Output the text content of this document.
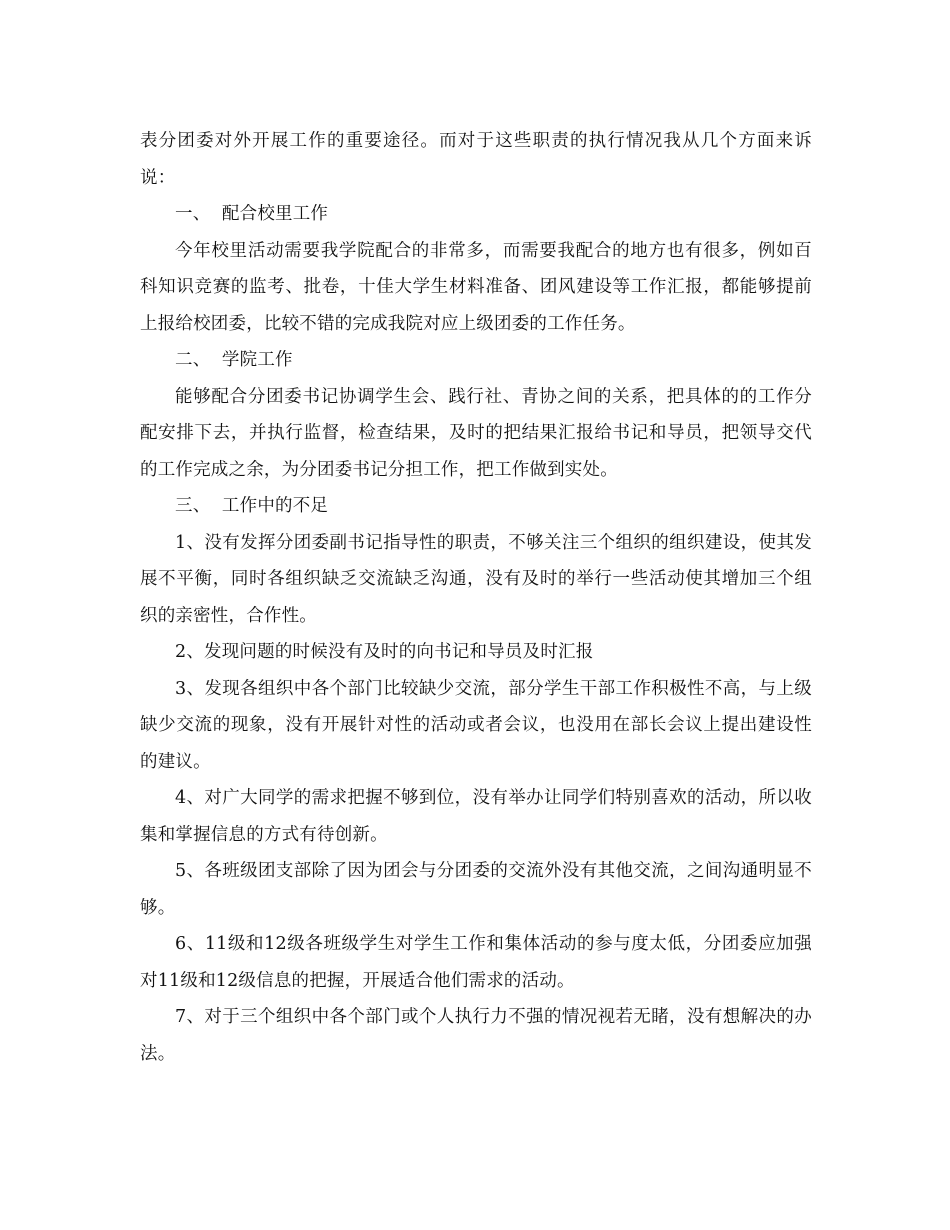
表分团委对外开展工作的重要途径。而对于这些职责的执行情况我从几个方面来诉说：

一、  配合校里工作

今年校里活动需要我学院配合的非常多，而需要我配合的地方也有很多，例如百科知识竞赛的监考、批卷，十佳大学生材料准备、团风建设等工作汇报，都能够提前上报给校团委，比较不错的完成我院对应上级团委的工作任务。

二、  学院工作

能够配合分团委书记协调学生会、践行社、青协之间的关系，把具体的的工作分配安排下去，并执行监督，检查结果，及时的把结果汇报给书记和导员，把领导交代的工作完成之余，为分团委书记分担工作，把工作做到实处。

三、  工作中的不足

1、没有发挥分团委副书记指导性的职责，不够关注三个组织的组织建设，使其发展不平衡，同时各组织缺乏交流缺乏沟通，没有及时的举行一些活动使其增加三个组织的亲密性，合作性。

2、发现问题的时候没有及时的向书记和导员及时汇报

3、发现各组织中各个部门比较缺少交流，部分学生干部工作积极性不高，与上级缺少交流的现象，没有开展针对性的活动或者会议，也没用在部长会议上提出建设性的建议。

4、对广大同学的需求把握不够到位，没有举办让同学们特别喜欢的活动，所以收集和掌握信息的方式有待创新。

5、各班级团支部除了因为团会与分团委的交流外没有其他交流，之间沟通明显不够。

6、11级和12级各班级学生对学生工作和集体活动的参与度太低，分团委应加强对11级和12级信息的把握，开展适合他们需求的活动。

7、对于三个组织中各个部门或个人执行力不强的情况视若无睹，没有想解决的办法。
